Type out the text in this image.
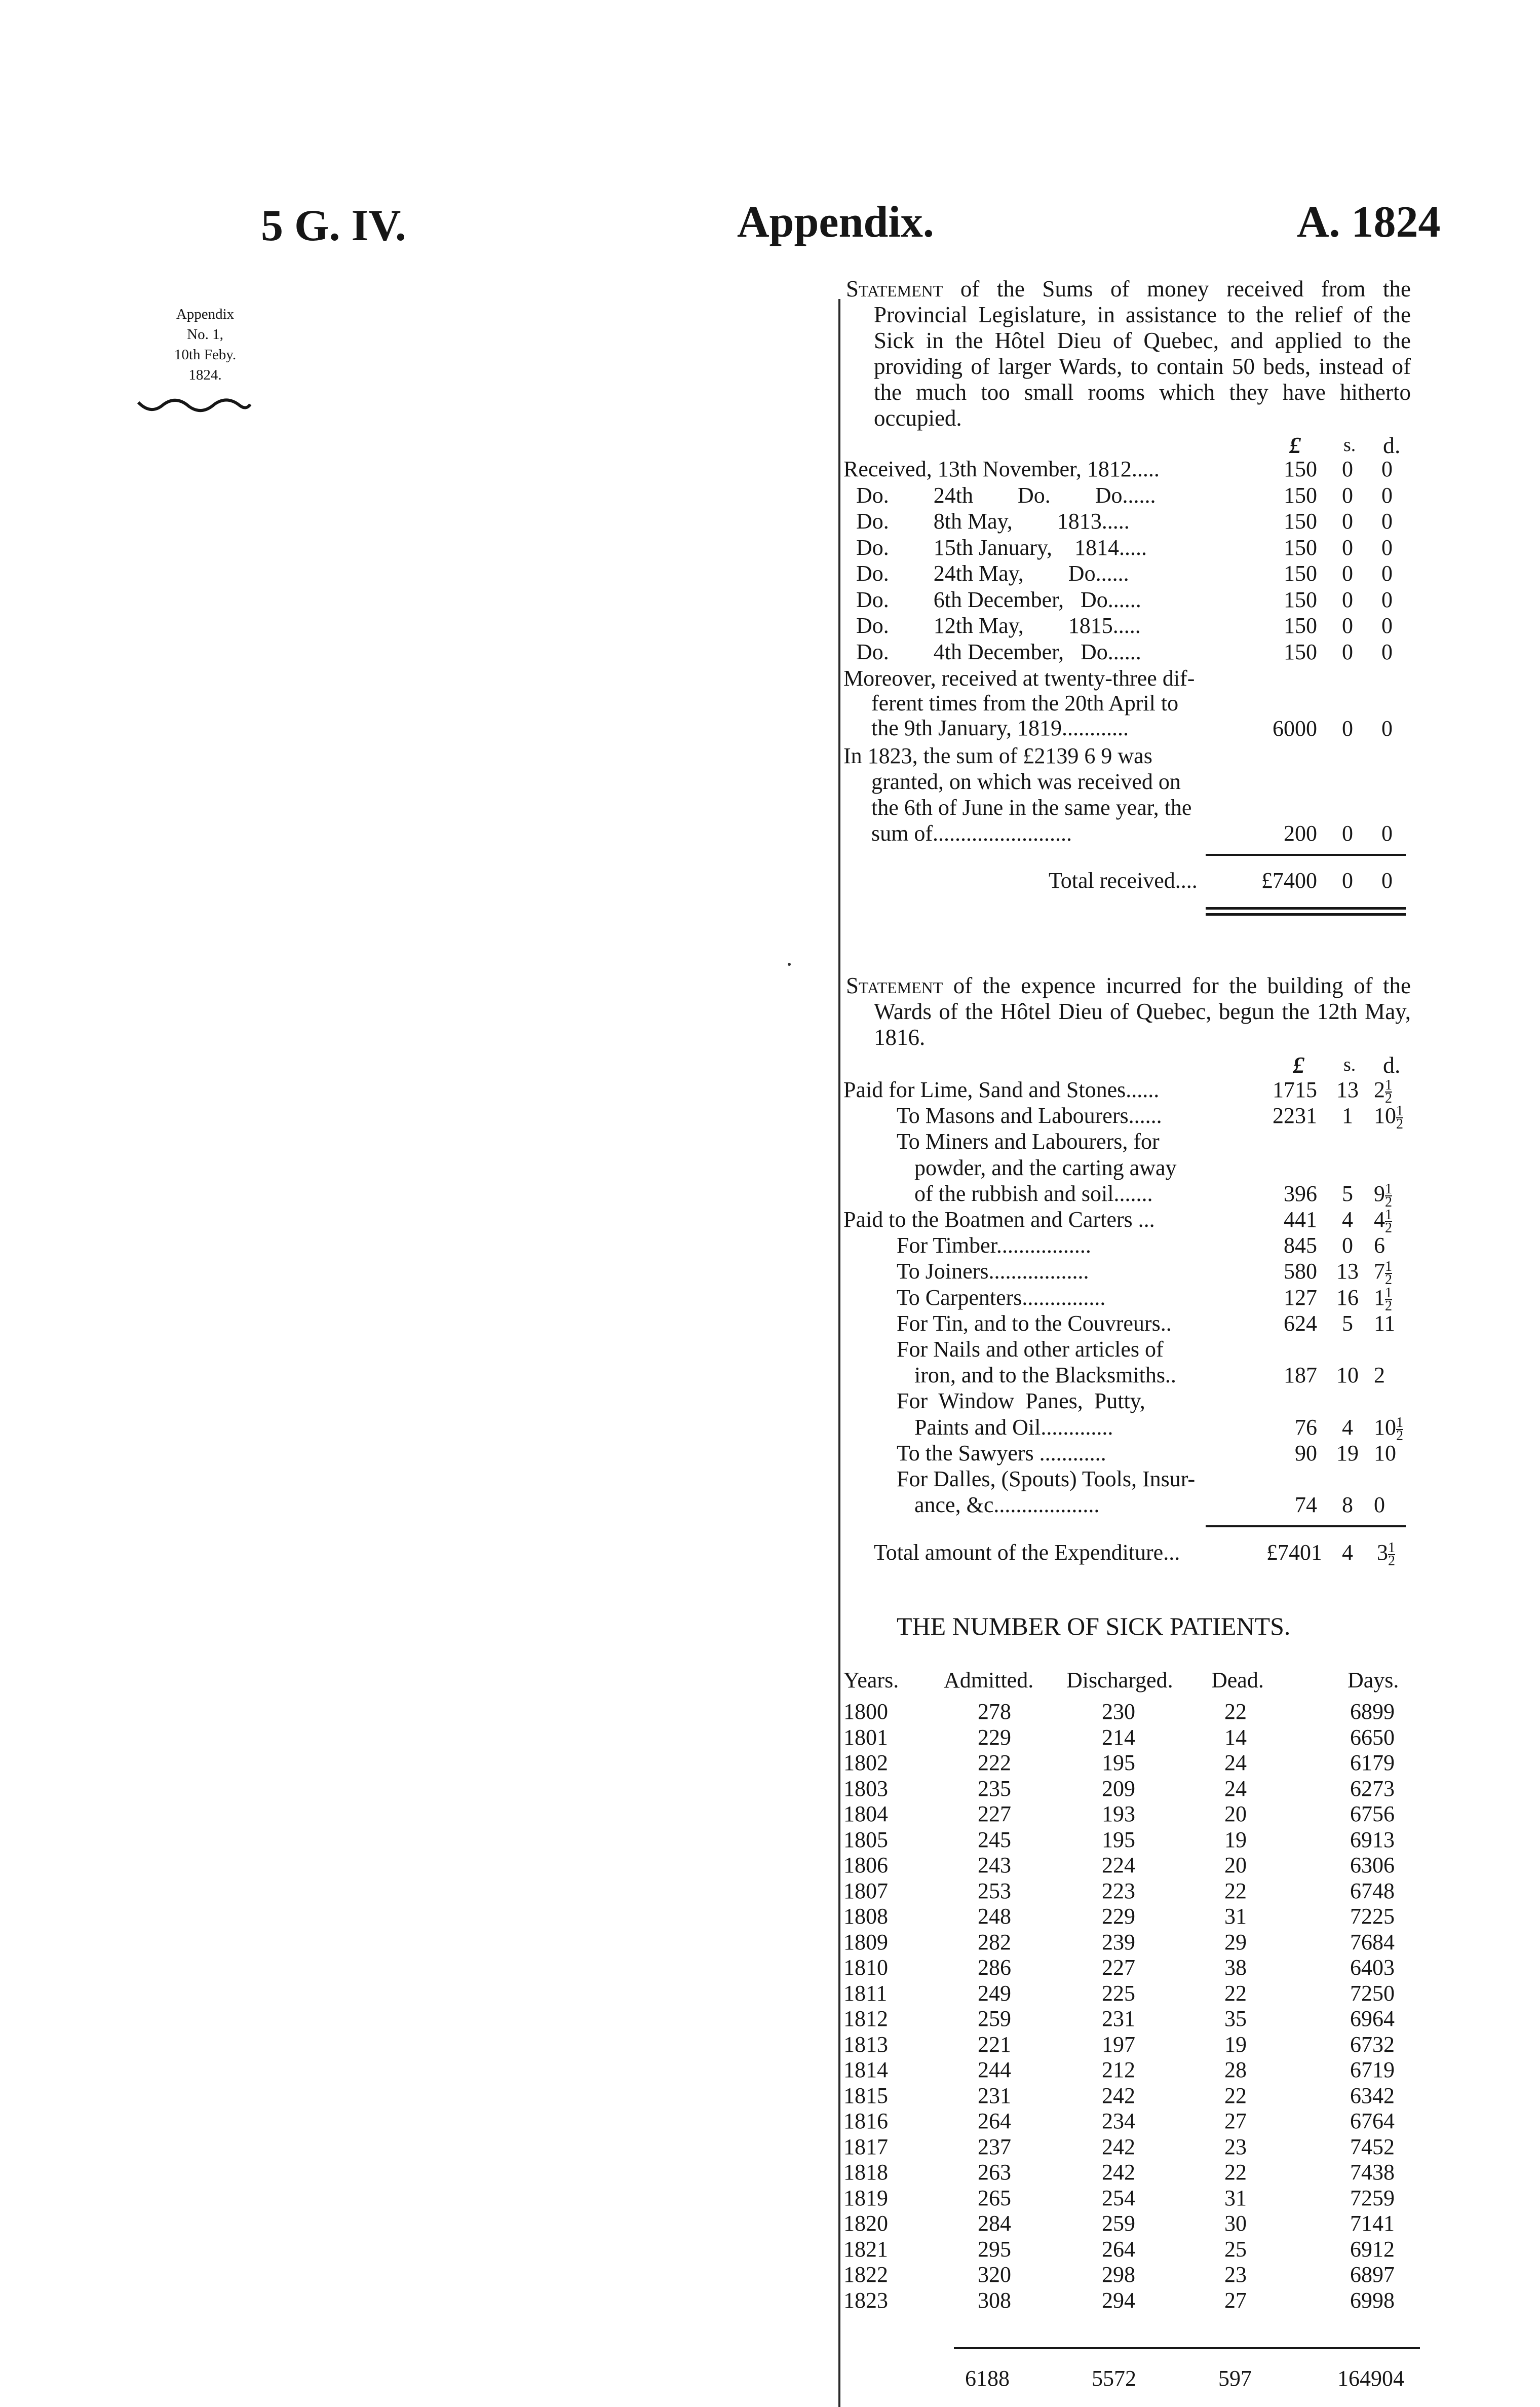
5 G. IV.	Appendix.	A. 1824
Appendix
No. 1,
10th Feby.
1824.
Statement of the Sums of money received from the Provincial Legislature, in assistance to the relief of the Sick in the Hôtel Dieu of Quebec, and applied to the providing of larger Wards, to contain 50 beds, instead of the much too small rooms which they have hitherto occupied.
£ s. d.
Received, 13th November, 1812.....	150 0 0
Do.        24th        Do.        Do......	150 0 0
Do.        8th May,        1813.....	150 0 0
Do.        15th January,    1814.....	150 0 0
Do.        24th May,        Do......	150 0 0
Do.        6th December,   Do......	150 0 0
Do.        12th May,        1815.....	150 0 0
Do.        4th December,   Do......	150 0 0
Moreover, received at twenty-three dif-
ferent times from the 20th April to
the 9th January, 1819............	6000 0 0
In 1823, the sum of £2139 6 9 was
granted, on which was received on
the 6th of June in the same year, the
sum of.........................	200 0 0
Total received....	£7400 0 0
Statement of the expence incurred for the building of the Wards of the Hôtel Dieu of Quebec, begun the 12th May, 1816.
£ s. d.
Paid for Lime, Sand and Stones......	1715 13 $2 \frac{1}{2}$
To Masons and Labourers......	2231	1 $10 \frac{1}{2}$
To Miners and Labourers, for
powder, and the carting away
of the rubbish and soil.......	396	5 $9 \frac{1}{2}$
Paid to the Boatmen and Carters ...	441	4 $4 \frac{1}{2}$
For Timber.................	845	0 6
To Joiners..................	580 13 $7 \frac{1}{2}$
To Carpenters...............	127 16 $1 \frac{1}{2}$
For Tin, and to the Couvreurs..	624	5 11
For Nails and other articles of
iron, and to the Blacksmiths..	187 10 2
For  Window  Panes,  Putty,
Paints and Oil.............	76	4 $10 \frac{1}{2}$
To the Sawyers ............	90 19 10
For Dalles, (Spouts) Tools, Insur-
ance, &c...................	74	8 0
Total amount of the Expenditure...	£7401 4 $3 \frac{1}{2}$
THE NUMBER OF SICK PATIENTS.
Years. Admitted. Discharged. Dead.	Days.
1800	278	230	22	6899
1801	229	214	14	6650
1802	222	195	24	6179
1803	235	209	24	6273
1804	227	193	20	6756
1805	245	195	19	6913
1806	243	224	20	6306
1807	253	223	22	6748
1808	248	229	31	7225
1809	282	239	29	7684
1810	286	227	38	6403
1811	249	225	22	7250
1812	259	231	35	6964
1813	221	197	19	6732
1814	244	212	28	6719
1815	231	242	22	6342
1816	264	234	27	6764
1817	237	242	23	7452
1818	263	242	22	7438
1819	265	254	31	7259
1820	284	259	30	7141
1821	295	264	25	6912
1822	320	298	23	6897
1823	308	294	27	6998
6188	5572	597	164904
